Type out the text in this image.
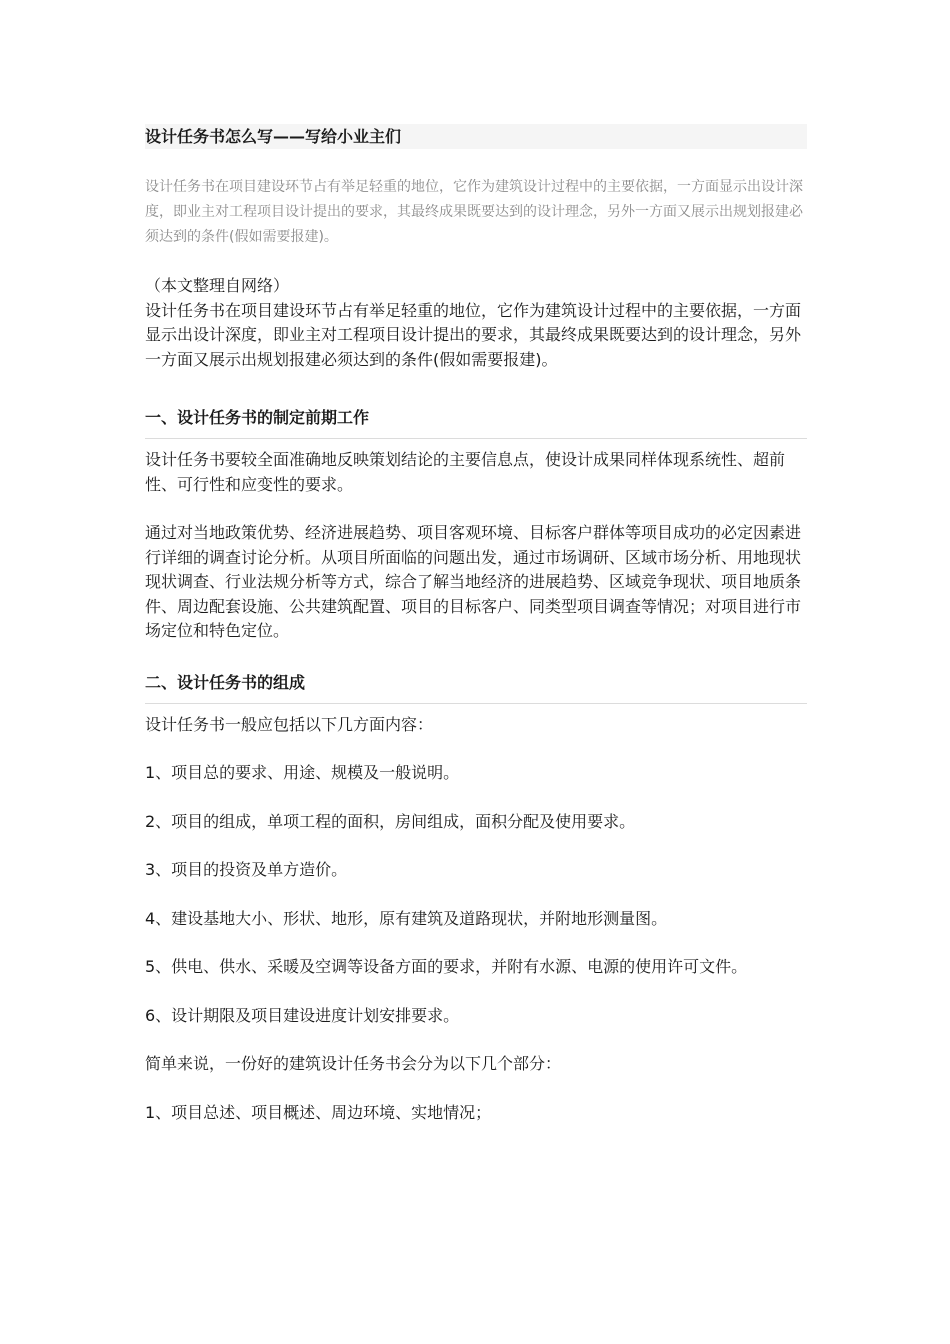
设计任务书怎么写——写给小业主们

设计任务书在项目建设环节占有举足轻重的地位，它作为建筑设计过程中的主要依据，一方面显示出设计深度，即业主对工程项目设计提出的要求，其最终成果既要达到的设计理念，另外一方面又展示出规划报建必须达到的条件(假如需要报建)。

（本文整理自网络）

设计任务书在项目建设环节占有举足轻重的地位，它作为建筑设计过程中的主要依据，一方面显示出设计深度，即业主对工程项目设计提出的要求，其最终成果既要达到的设计理念，另外一方面又展示出规划报建必须达到的条件(假如需要报建)。

一、设计任务书的制定前期工作

设计任务书要较全面准确地反映策划结论的主要信息点，使设计成果同样体现系统性、超前性、可行性和应变性的要求。

通过对当地政策优势、经济进展趋势、项目客观环境、目标客户群体等项目成功的必定因素进行详细的调查讨论分析。从项目所面临的问题出发，通过市场调研、区域市场分析、用地现状现状调查、行业法规分析等方式，综合了解当地经济的进展趋势、区域竞争现状、项目地质条件、周边配套设施、公共建筑配置、项目的目标客户、同类型项目调查等情况；对项目进行市场定位和特色定位。

二、设计任务书的组成

设计任务书一般应包括以下几方面内容：

1、项目总的要求、用途、规模及一般说明。

2、项目的组成，单项工程的面积，房间组成，面积分配及使用要求。

3、项目的投资及单方造价。

4、建设基地大小、形状、地形，原有建筑及道路现状，并附地形测量图。

5、供电、供水、采暖及空调等设备方面的要求，并附有水源、电源的使用许可文件。

6、设计期限及项目建设进度计划安排要求。

简单来说，一份好的建筑设计任务书会分为以下几个部分：

1、项目总述、项目概述、周边环境、实地情况；
